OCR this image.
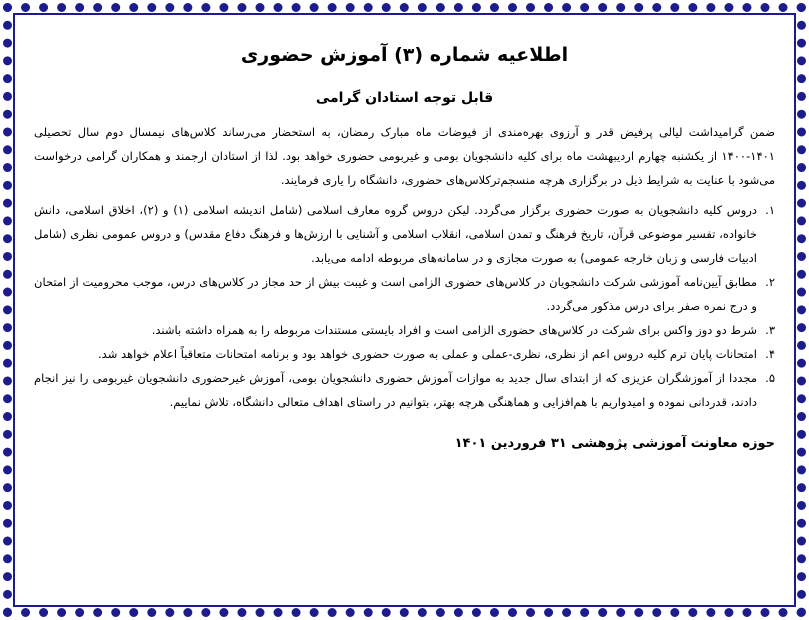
اطلاعیه شماره (۳) آموزش حضوری
قابل توجه استادان گرامی

ضمن گرامیداشت لیالی پرفیض قدر و آرزوی بهره‌مندی از فیوضات ماه مبارک رمضان، به استحضار می‌رساند کلاس‌های نیمسال دوم سال تحصیلی ۱۴۰۱-۱۴۰۰ از یکشنبه چهارم اردیبهشت ماه برای کلیه دانشجویان بومی و غیربومی حضوری خواهد بود. لذا از استادان ارجمند و همکاران گرامی درخواست می‌شود با عنایت به شرایط ذیل در برگزاری هرچه منسجم‌ترکلاس‌های حضوری، دانشگاه را یاری فرمایند.

۱.
دروس کلیه دانشجویان به صورت حضوری برگزار می‌گردد. لیکن دروس گروه معارف اسلامی (شامل اندیشه اسلامی (۱) و (۲)، اخلاق اسلامی، دانش خانواده، تفسیر موضوعی قرآن، تاریخ فرهنگ و تمدن اسلامی، انقلاب اسلامی و آشنایی با ارزش‌ها و فرهنگ دفاع مقدس) و دروس عمومی نظری (شامل ادبیات فارسی و زبان خارجه عمومی) به صورت مجازی و در سامانه‌های مربوطه ادامه می‌یابد.
۲.
مطابق آیین‌نامه آموزشی شرکت دانشجویان در کلاس‌های حضوری الزامی است و غیبت بیش از حد مجاز در کلاس‌های درس، موجب محرومیت از امتحان و درج نمره صفر برای درس مذکور می‌گردد.
۳.
شرط دو دوز واکس برای شرکت در کلاس‌های حضوری الزامی است و افراد بایستی مستندات مربوطه را به همراه داشته باشند.
۴.
امتحانات پایان ترم کلیه دروس اعم از نظری، نظری-عملی و عملی به صورت حضوری خواهد بود و برنامه امتحانات متعاقباً اعلام خواهد شد.
۵.
مجددا از آموزشگران عزیزی که از ابتدای سال جدید به موازات آموزش حضوری دانشجویان بومی، آموزش غیرحضوری دانشجویان غیربومی را نیز انجام دادند، قدردانی نموده و امیدواریم با هم‌افزایی و هماهنگی هرچه بهتر، بتوانیم در راستای اهداف متعالی دانشگاه، تلاش نماییم.

حوزه معاونت آموزشی پژوهشی ۳۱ فروردین ۱۴۰۱
